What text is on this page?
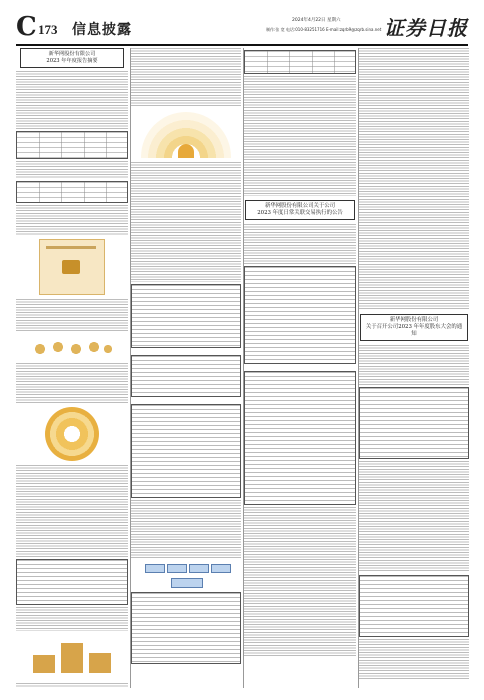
C 173 信息披露
2024年4月22日 星期六
制作:张 宽 电话:010-83251716 E-mail:zqrb9@zqrb.sina.net 证券日报
新华网股份有限公司
2023 年年度报告摘要
新华网股份有限公司关于公司
2023 年度日常关联交易执行的公告
新华网股份有限公司
关于召开公司2023 年年度股东大会的通知
